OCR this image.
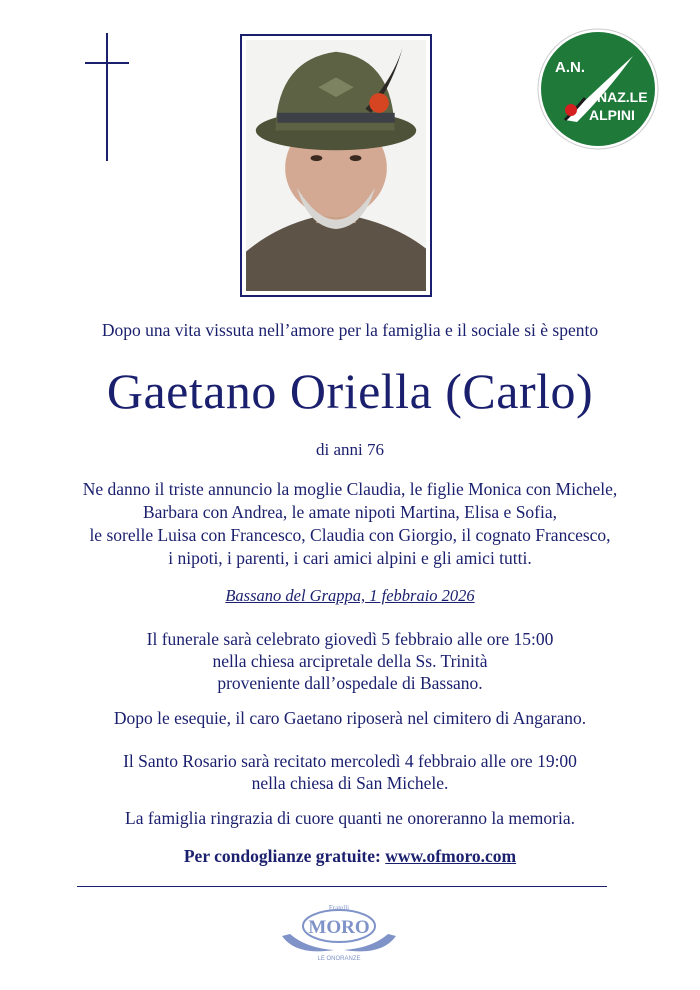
A.N.
NAZ.LE
ALPINI
Dopo una vita vissuta nell’amore per la famiglia e il sociale si è spento
Gaetano Oriella (Carlo)
di anni 76
Ne danno il triste annuncio la moglie Claudia, le figlie Monica con Michele,
Barbara con Andrea, le amate nipoti Martina, Elisa e Sofia,
le sorelle Luisa con Francesco, Claudia con Giorgio, il cognato Francesco,
i nipoti, i parenti, i cari amici alpini e gli amici tutti.
Bassano del Grappa, 1 febbraio 2026
Il funerale sarà celebrato giovedì 5 febbraio alle ore 15:00
nella chiesa arcipretale della Ss. Trinità
proveniente dall’ospedale di Bassano.
Dopo le esequie, il caro Gaetano riposerà nel cimitero di Angarano.
Il Santo Rosario sarà recitato mercoledì 4 febbraio alle ore 19:00
nella chiesa di San Michele.
La famiglia ringrazia di cuore quanti ne onoreranno la memoria.
Per condoglianze gratuite: www.ofmoro.com
Fratelli
MORO
LE ONORANZE
